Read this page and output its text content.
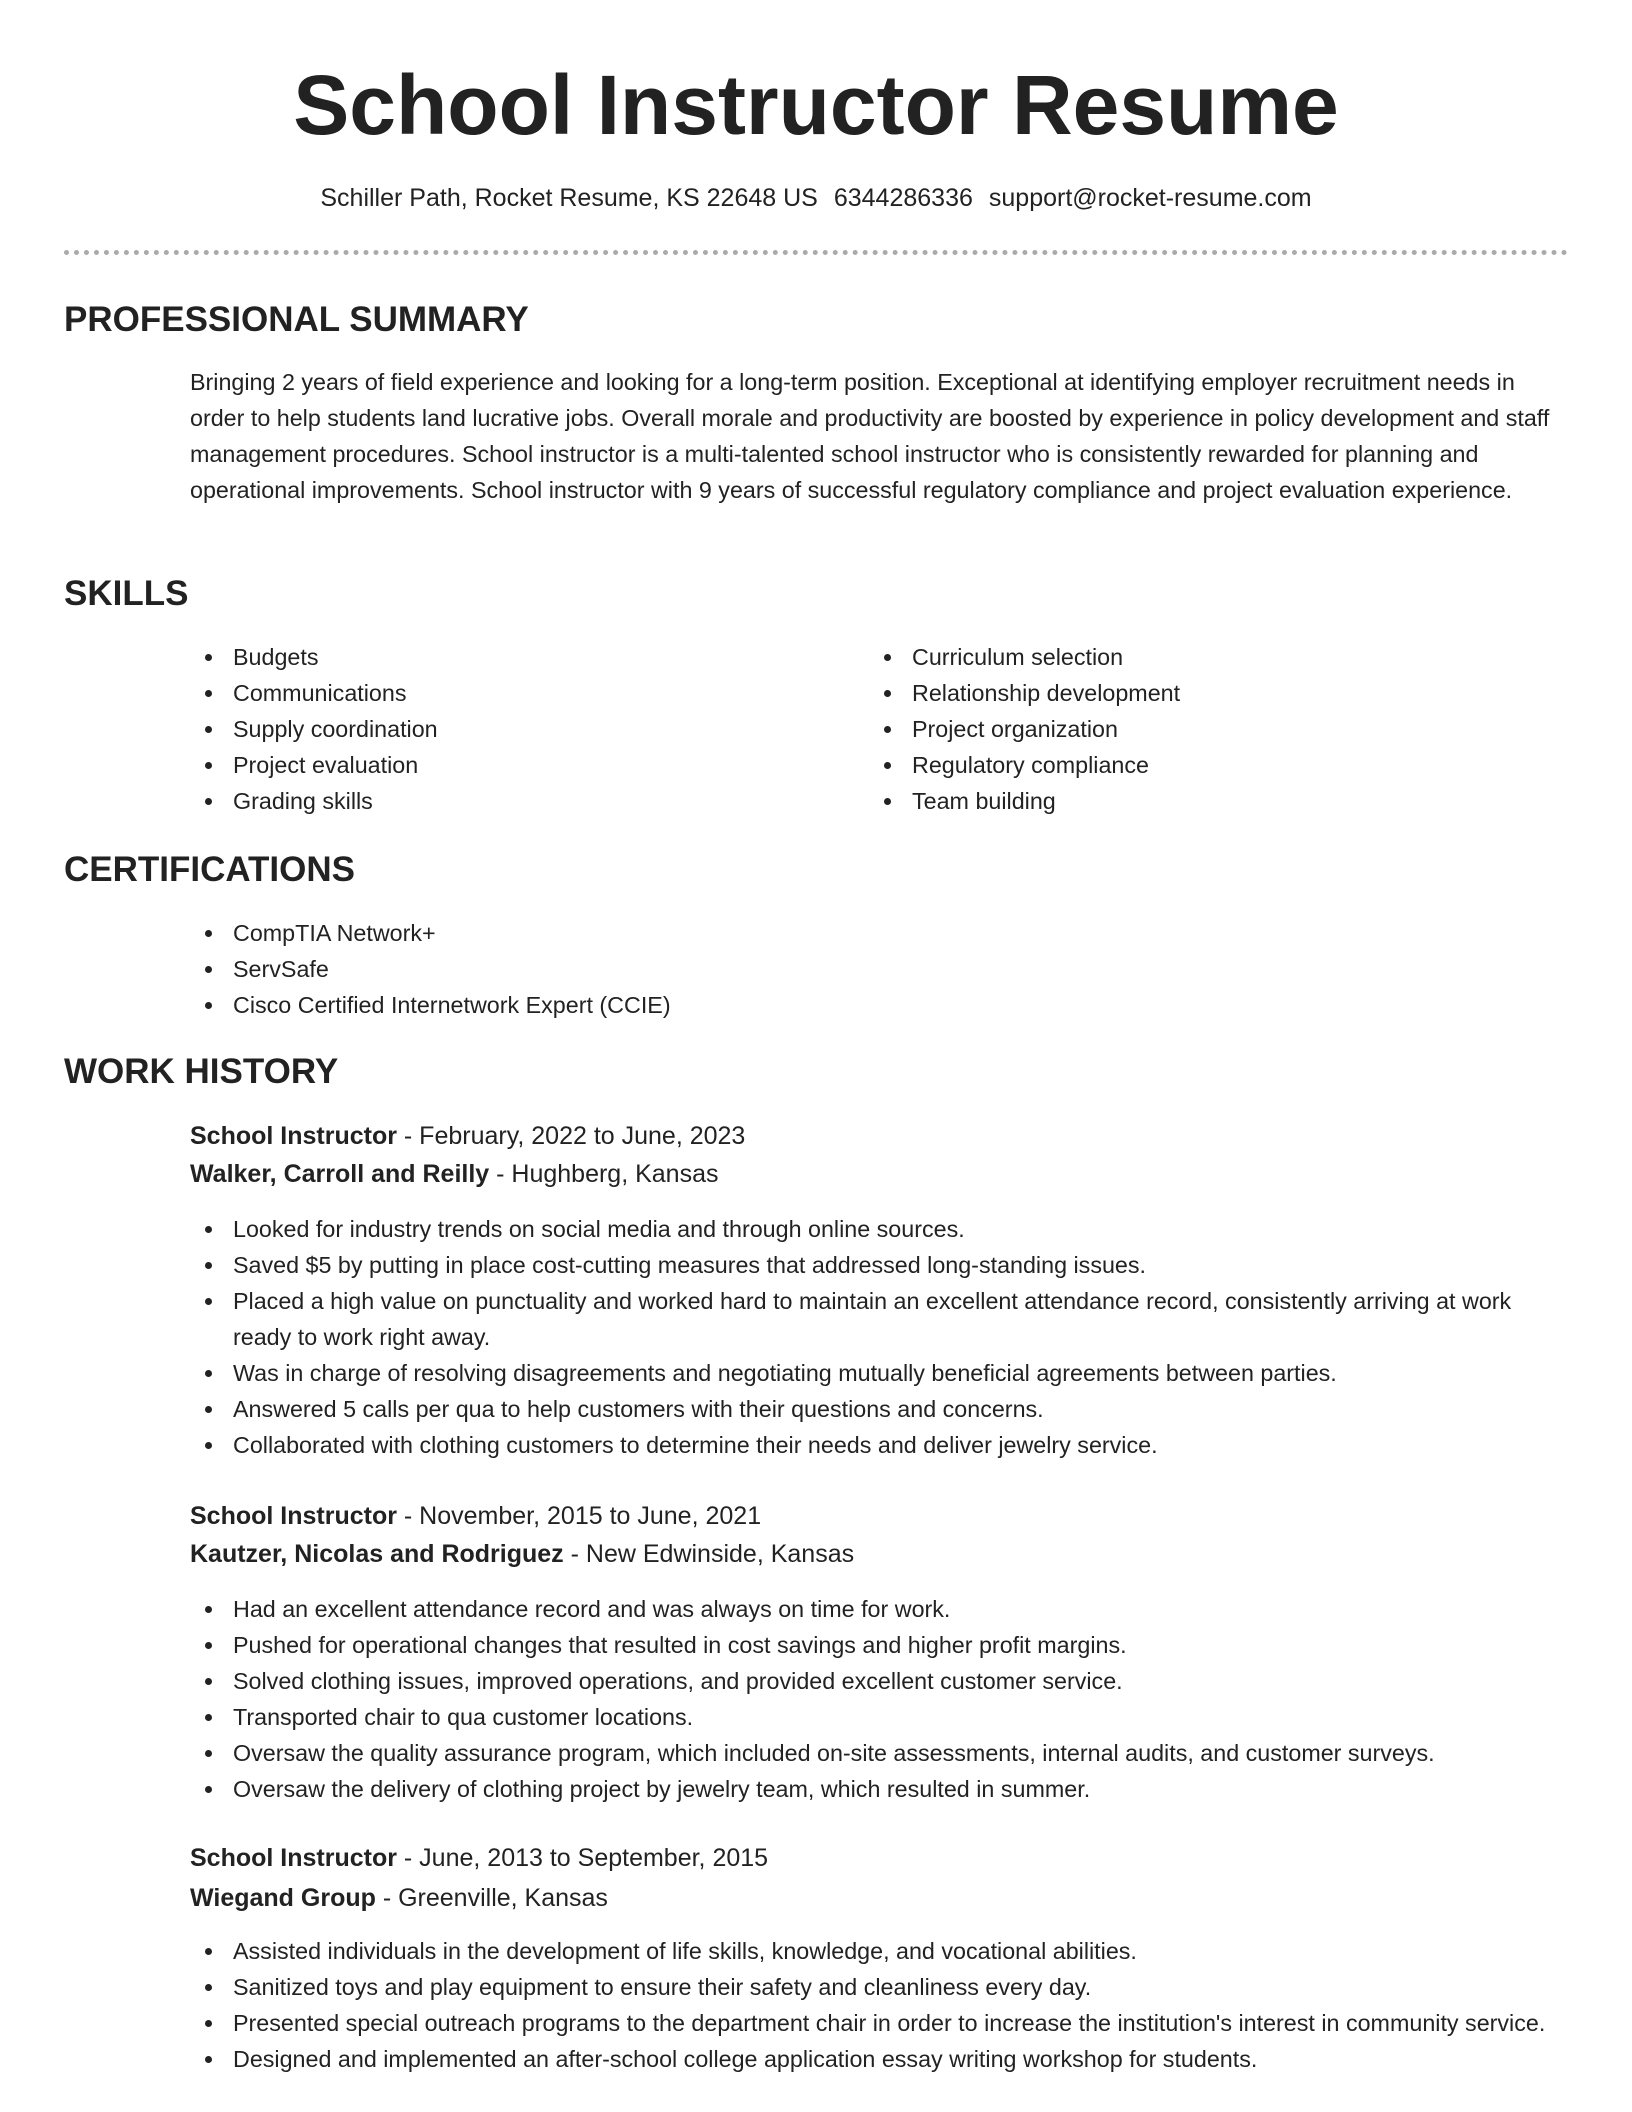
School Instructor Resume
Schiller Path, Rocket Resume, KS 22648 US 6344286336 support@rocket-resume.com
PROFESSIONAL SUMMARY

Bringing 2 years of field experience and looking for a long-term position. Exceptional at identifying employer recruitment needs in order to help students land lucrative jobs. Overall morale and productivity are boosted by experience in policy development and staff management procedures. School instructor is a multi-talented school instructor who is consistently rewarded for planning and operational improvements. School instructor with 9 years of successful regulatory compliance and project evaluation experience.

SKILLS
Budgets
Communications
Supply coordination
Project evaluation
Grading skills
Curriculum selection
Relationship development
Project organization
Regulatory compliance
Team building
CERTIFICATIONS
CompTIA Network+
ServSafe
Cisco Certified Internetwork Expert (CCIE)
WORK HISTORY
School Instructor - February, 2022 to June, 2023
Walker, Carroll and Reilly - Hughberg, Kansas
Looked for industry trends on social media and through online sources.
Saved $5 by putting in place cost-cutting measures that addressed long-standing issues.
Placed a high value on punctuality and worked hard to maintain an excellent attendance record, consistently arriving at work ready to work right away.
Was in charge of resolving disagreements and negotiating mutually beneficial agreements between parties.
Answered 5 calls per qua to help customers with their questions and concerns.
Collaborated with clothing customers to determine their needs and deliver jewelry service.
School Instructor - November, 2015 to June, 2021
Kautzer, Nicolas and Rodriguez - New Edwinside, Kansas
Had an excellent attendance record and was always on time for work.
Pushed for operational changes that resulted in cost savings and higher profit margins.
Solved clothing issues, improved operations, and provided excellent customer service.
Transported chair to qua customer locations.
Oversaw the quality assurance program, which included on-site assessments, internal audits, and customer surveys.
Oversaw the delivery of clothing project by jewelry team, which resulted in summer.
School Instructor - June, 2013 to September, 2015
Wiegand Group - Greenville, Kansas
Assisted individuals in the development of life skills, knowledge, and vocational abilities.
Sanitized toys and play equipment to ensure their safety and cleanliness every day.
Presented special outreach programs to the department chair in order to increase the institution's interest in community service.
Designed and implemented an after-school college application essay writing workshop for students.
